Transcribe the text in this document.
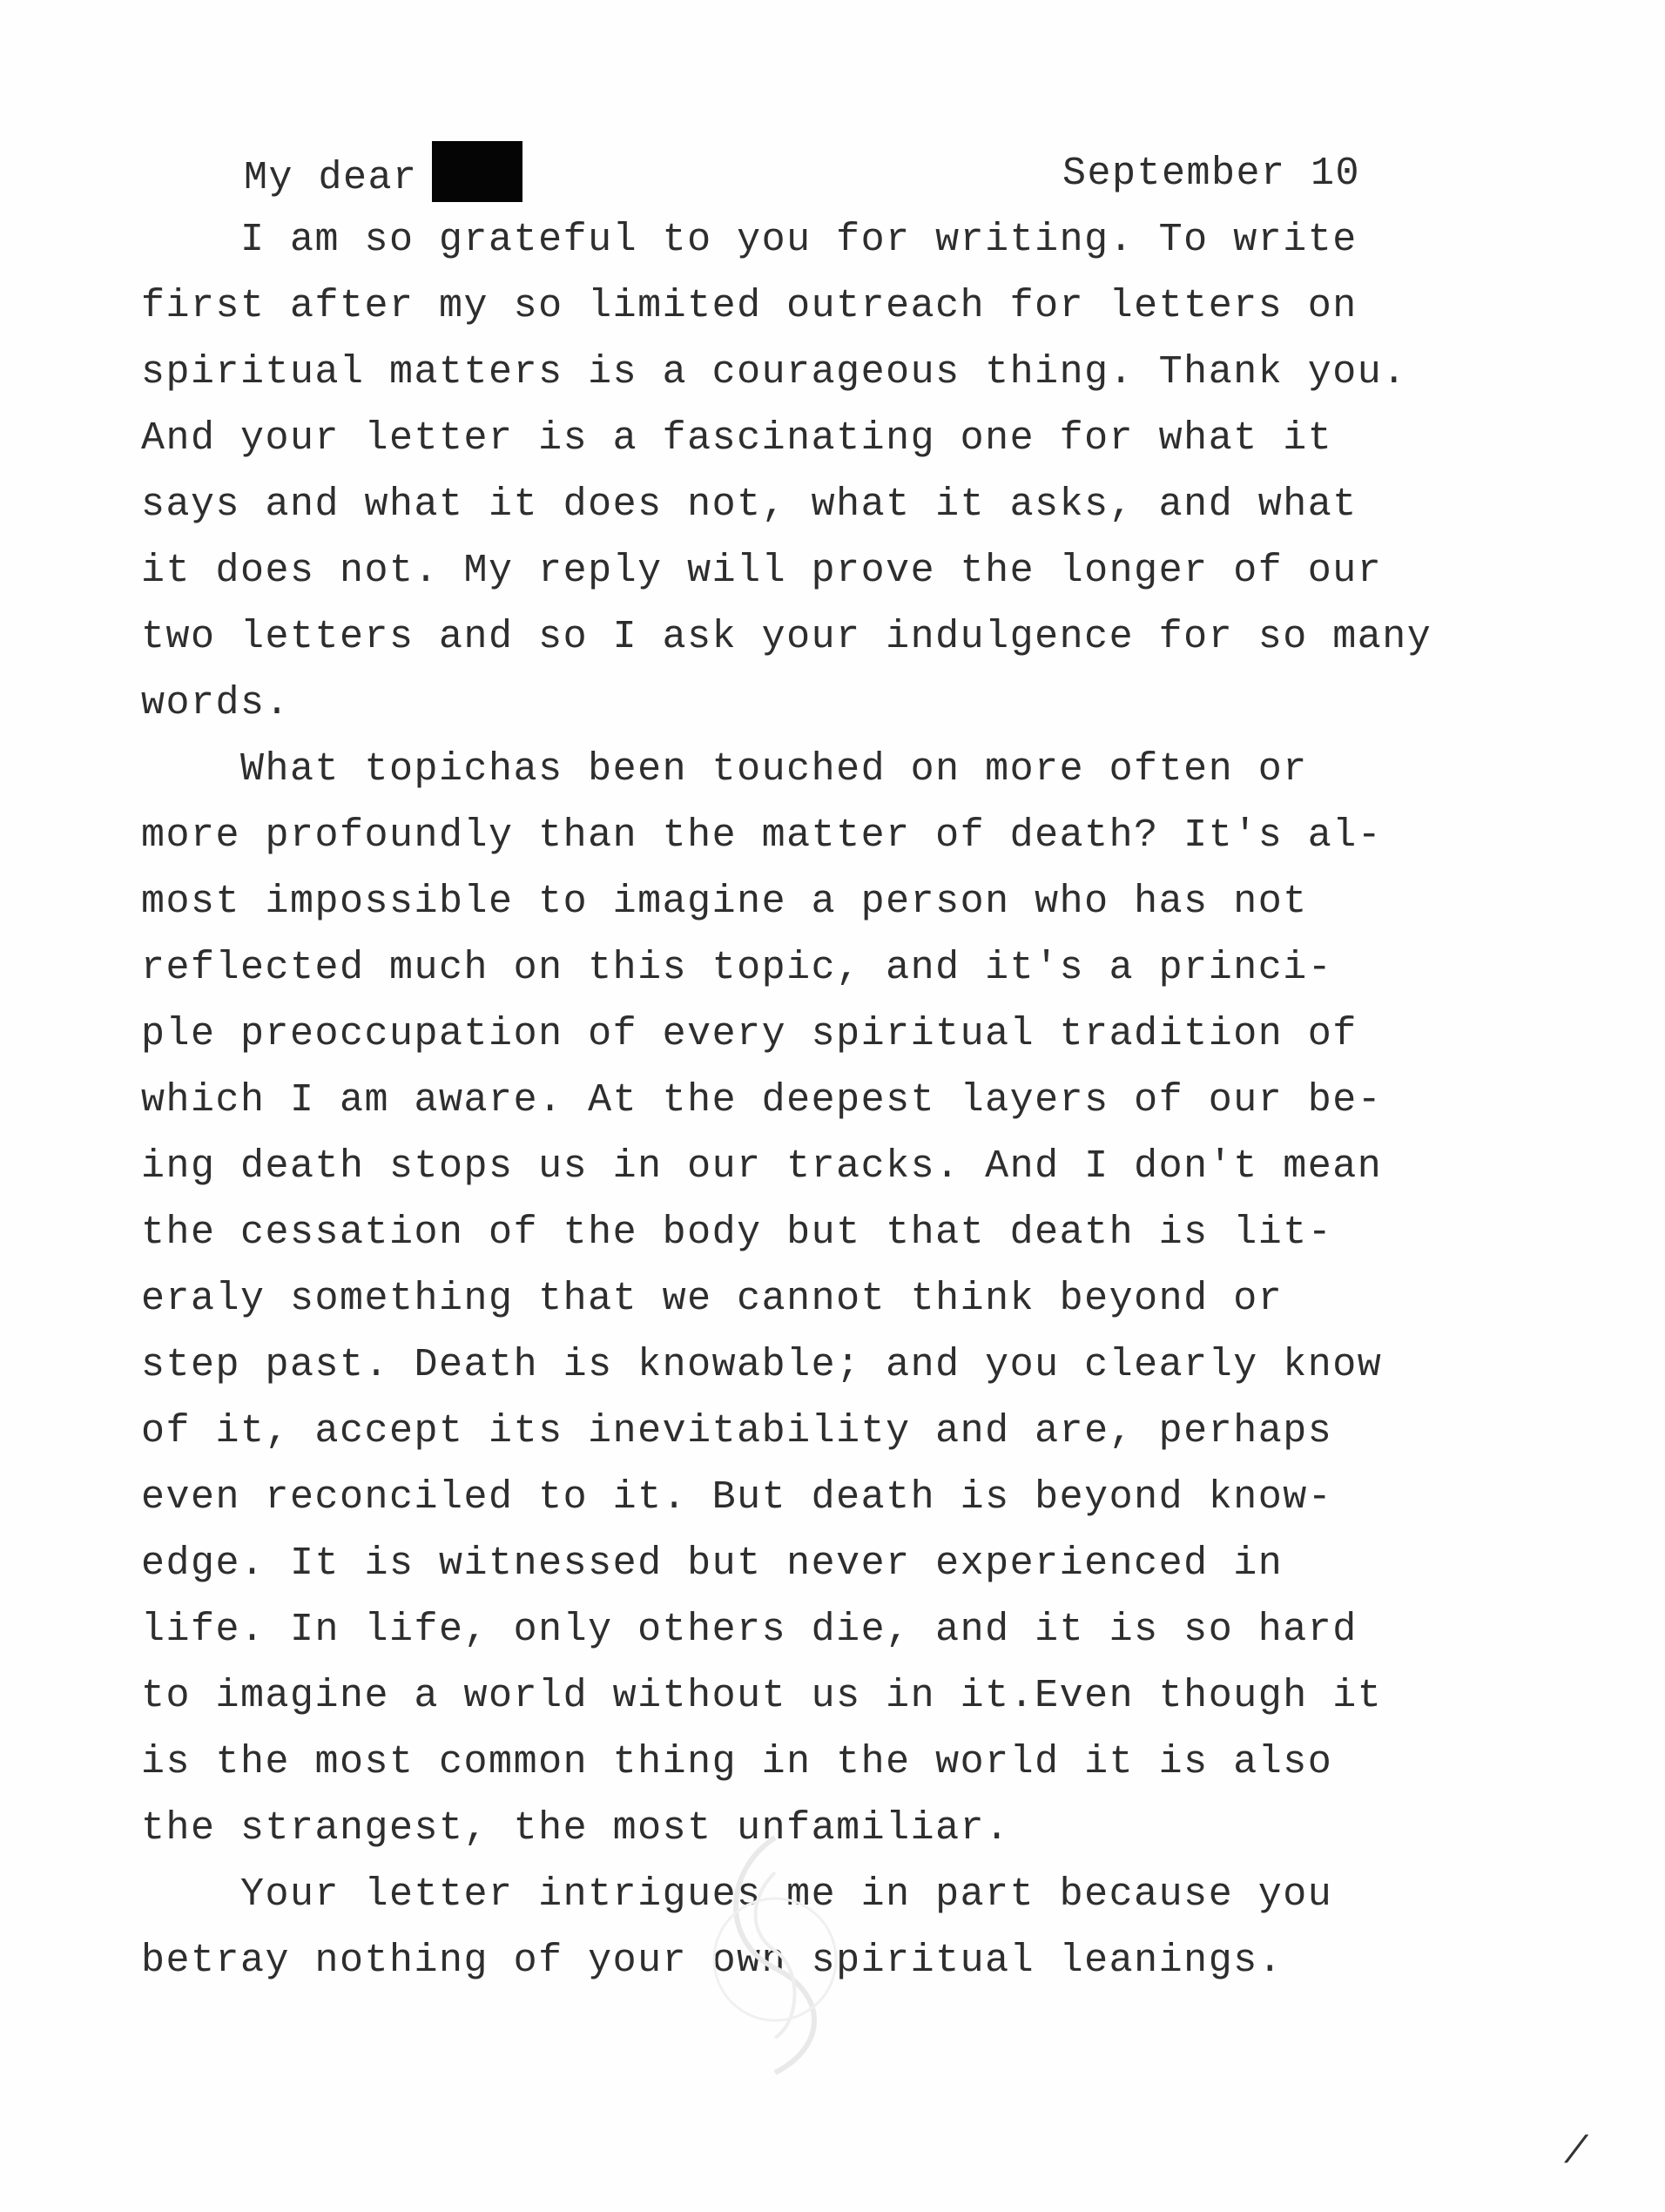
My dear	September 10
I am so grateful to you for writing. To write
first after my so limited outreach for letters on
spiritual matters is a courageous thing. Thank you.
And your letter is a fascinating one for what it
says and what it does not, what it asks, and what
it does not. My reply will prove the longer of our
two letters and so I ask your indulgence for so many
words.
What topichas been touched on more often or
more profoundly than the matter of death? It's al-
most impossible to imagine a person who has not
reflected much on this topic, and it's a princi-
ple preoccupation of every spiritual tradition of
which I am aware. At the deepest layers of our be-
ing death stops us in our tracks. And I don't mean
the cessation of the body but that death is lit-
eraly something that we cannot think beyond or
step past. Death is knowable; and you clearly know
of it, accept its inevitability and are, perhaps
even reconciled to it. But death is beyond know-
edge. It is witnessed but never experienced in
life. In life, only others die, and it is so hard
to imagine a world without us in it.Even though it
is the most common thing in the world it is also
the strangest, the most unfamiliar.
Your letter intrigues me in part because you
betray nothing of your own spiritual leanings.
/
